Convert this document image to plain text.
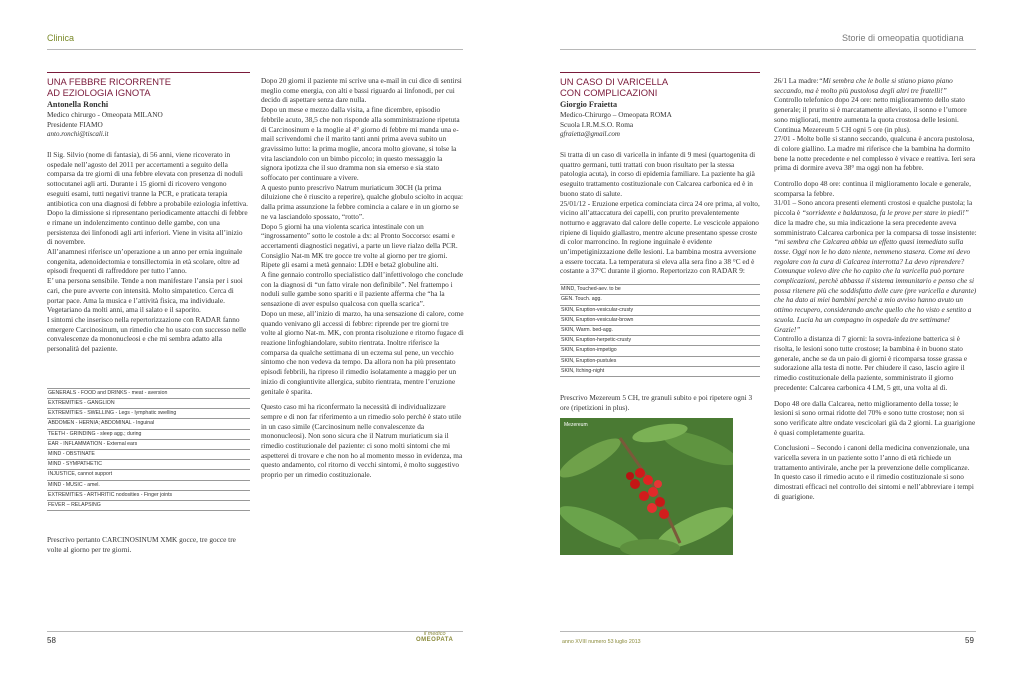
Clinica
UNA FEBBRE RICORRENTE
AD EZIOLOGIA IGNOTA
Antonella Ronchi
Medico chirurgo - Omeopata MILANO
Presidente FIAMO
anto.ronchi@tiscali.it

Il Sig. Silvio (nome di fantasia), di 56 anni, viene ricoverato in ospedale nell’agosto del 2011 per accertamenti a seguito della comparsa da tre giorni di una febbre elevata con presenza di noduli sottocutanei agli arti. Durante i 15 giorni di ricovero vengono eseguiti esami, tutti negativi tranne la PCR, e praticata terapia antibiotica con una diagnosi di febbre a probabile eziologia infettiva.

Dopo la dimissione si ripresentano periodicamente attacchi di febbre e rimane un indolenzimento continuo delle gambe, con una persistenza dei linfonodi agli arti inferiori. Viene in visita all’inizio di novembre.

All’anamnesi riferisce un’operazione a un anno per ernia inguinale congenita, adenoidectomia e tonsillectomia in età scolare, oltre ad episodi frequenti di raffreddore per tutto l’anno.

E’ una persona sensibile. Tende a non manifestare l’ansia per i suoi cari, che pure avverte con intensità. Molto simpatetico. Cerca di portar pace. Ama la musica e l’attività fisica, ma individuale. Vegetariano da molti anni, ama il salato e il saporito.

I sintomi che inserisco nella repertorizzazione con RADAR fanno emergere Carcinosinum, un rimedio che ho usato con successo nelle convalescenze da mononucleosi e che mi sembra adatto alla personalità del paziente.

GENERALS - FOOD and DRINKS - meat - aversion
EXTREMITIES - GANGLION
EXTREMITIES - SWELLING - Legs - lymphatic swelling
ABDOMEN - HERNIA; ABDOMINAL - Inguinal
TEETH - GRINDING - sleep agg.; during
EAR - INFLAMMATION - External ears
MIND - OBSTINATE
MIND - SYMPATHETIC
INJUSTICE, cannot support
MIND - MUSIC - amel.
EXTREMITIES - ARTHRITIC nodosities - Finger joints
FEVER – RELAPSING

Prescrivo pertanto CARCINOSINUM XMK gocce, tre gocce tre volte al giorno per tre giorni.

Dopo 20 giorni il paziente mi scrive una e-mail in cui dice di sentirsi meglio come energia, con alti e bassi riguardo ai linfonodi, per cui decido di aspettare senza dare nulla.

Dopo un mese e mezzo dalla visita, a fine dicembre, episodio febbrile acuto, 38,5 che non risponde alla somministrazione ripetuta di Carcinosinum e la moglie al 4° giorno di febbre mi manda una e-mail scrivendomi che il marito tanti anni prima aveva subito un gravissimo lutto: la prima moglie, ancora molto giovane, si tolse la vita lasciandolo con un bimbo piccolo; in questo messaggio la signora ipotizza che il suo dramma non sia emerso e sia stato soffocato per continuare a vivere.

A questo punto prescrivo Natrum muriaticum 30CH (la prima diluizione che è riuscito a reperire), qualche globulo sciolto in acqua: dalla prima assunzione la febbre comincia a calare e in un giorno se ne va lasciandolo spossato, “rotto”.

Dopo 5 giorni ha una violenta scarica intestinale con un “ingrossamento” sotto le costole a dx: al Pronto Soccorso: esami e accertamenti diagnostici negativi, a parte un lieve rialzo della PCR.

Consiglio Nat-m MK tre gocce tre volte al giorno per tre giorni.

Ripete gli esami a metà gennaio: LDH e beta2 globuline alti.

A fine gennaio controllo specialistico dall’infettivologo che conclude con la diagnosi di “un fatto virale non definibile”. Nel frattempo i noduli sulle gambe sono spariti e il paziente afferma che “ha la sensazione di aver espulso qualcosa con quella scarica”.

Dopo un mese, all’inizio di marzo, ha una sensazione di calore, come quando venivano gli accessi di febbre: riprende per tre giorni tre volte al giorno Nat-m. MK, con pronta risoluzione e ritorno fugace di reazione linfoghiandolare, subito rientrata. Inoltre riferisce la comparsa da qualche settimana di un eczema sul pene, un vecchio sintomo che non vedeva da tempo. Da allora non ha più presentato episodi febbrili, ha ripreso il rimedio isolatamente a maggio per un inizio di congiuntivite allergica, subito rientrata, mentre l’eruzione genitale è sparita.

Questo caso mi ha riconfermato la necessità di individualizzare sempre e di non far riferimento a un rimedio solo perchè è stato utile in un caso simile (Carcinosinum nelle convalescenze da mononucleosi). Non sono sicura che il Natrum muriaticum sia il rimedio costituzionale del paziente: ci sono molti sintomi che mi aspetterei di trovare e che non ho al momento messo in evidenza, ma questo andamento, col ritorno di vecchi sintomi, è molto suggestivo proprio per un rimedio costituzionale.

58
il medico
OMEOPATA
Storie di omeopatia quotidiana
UN CASO DI VARICELLA
CON COMPLICAZIONI
Giorgio Fraietta
Medico-Chirurgo – Omeopata ROMA
Scuola I.R.M.S.O. Roma
gfraietta@gmail.com

Si tratta di un caso di varicella in infante di 9 mesi (quartogenita di quattro germani, tutti trattati con buon risultato per la stessa patologia acuta), in corso di epidemia familiare. La paziente ha già eseguito trattamento costituzionale con Calcarea carbonica ed è in buono stato di salute.

25/01/12 - Eruzione erpetica cominciata circa 24 ore prima, al volto, vicino all’attaccatura dei capelli, con prurito prevalentemente notturno e aggravato dal calore delle coperte. Le vescicole appaiono ripiene di liquido giallastro, mentre alcune presentano spesse croste di color marroncino. In regione inguinale è evidente un’impetiginizzazione delle lesioni. La bambina mostra avversione a essere toccata. La temperatura si eleva alla sera fino a 38 °C ed è costante a 37°C durante il giorno. Repertorizzo con RADAR 9:

MIND, Touched-aev. to be
GEN. Touch. agg.
SKIN, Eruption-vesicular-crusty
SKIN, Eruption-vesicular-brown
SKIN, Warm. bed-agg.
SKIN, Eruption-herpetic-crusty
SKIN, Eruption-impetigo
SKIN, Eruption-pustules
SKIN, Itching-night

Prescrivo Mezereum 5 CH, tre granuli subito e poi ripetere ogni 3 ore (ripetizioni in plus).

Mezereum

26/1 La madre:“Mi sembra che le bolle si stiano piano piano seccando, ma è molto più pustolosa degli altri tre fratelli!”

Controllo telefonico dopo 24 ore: netto miglioramento dello stato generale; il prurito si è marcatamente alleviato, il sonno e l’umore sono migliorati, mentre aumenta la quota crostosa delle lesioni. Continua Mezereum 5 CH ogni 5 ore (in plus).

27/01 - Molte bolle si stanno seccando, qualcuna è ancora pustolosa, di colore giallino. La madre mi riferisce che la bambina ha dormito bene la notte precedente e nel complesso è vivace e reattiva. Ieri sera prima di dormire aveva 38° ma oggi non ha febbre.

Controllo dopo 48 ore: continua il miglioramento locale e generale, scomparsa la febbre.

31/01 – Sono ancora presenti elementi crostosi e qualche pustola; la piccola è “sorridente e baldanzosa, fa le prove per stare in piedi!” dice la madre che, su mia indicazione la sera precedente aveva somministrato Calcarea carbonica per la comparsa di tosse insistente: “mi sembra che Calcarea abbia un effetto quasi immediato sulla tosse. Oggi non le ho dato niente, nemmeno stasera. Come mi devo regolare con la cura di Calcarea interrotta? La devo riprendere?

Comunque volevo dire che ho capito che la varicella può portare complicazioni, perchè abbassa il sistema immunitario e penso che si possa ritenere più che soddisfatto delle cure (pre varicella e durante) che ha dato ai miei bambini perchè a mio avviso hanno avuto un ottimo recupero, considerando anche quello che ho visto e sentito a scuola. Lucia ha un compagno in ospedale da tre settimane! Grazie!”

Controllo a distanza di 7 giorni: la sovra-infezione batterica si è risolta, le lesioni sono tutte crostose; la bambina è in buono stato generale, anche se da un paio di giorni è ricomparsa tosse grassa e sudorazione alla testa di notte. Per chiudere il caso, lascio agire il rimedio costituzionale della paziente, somministrato il giorno precedente: Calcarea carbonica 4 LM, 5 gtt, una volta al dì.

Dopo 48 ore dalla Calcarea, netto miglioramento della tosse; le lesioni si sono ormai ridotte del 70% e sono tutte crostose; non si sono verificate altre ondate vescicolari già da 2 giorni. La guarigione è quasi completamente guarita.

Conclusioni – Secondo i canoni della medicina convenzionale, una varicella severa in un paziente sotto l’anno di età richiede un trattamento antivirale, anche per la prevenzione delle complicanze. In questo caso il rimedio acuto e il rimedio costituzionale si sono dimostrati efficaci nel controllo dei sintomi e nell’abbreviare i tempi di guarigione.

59
anno XVIII numero 53 luglio 2013
